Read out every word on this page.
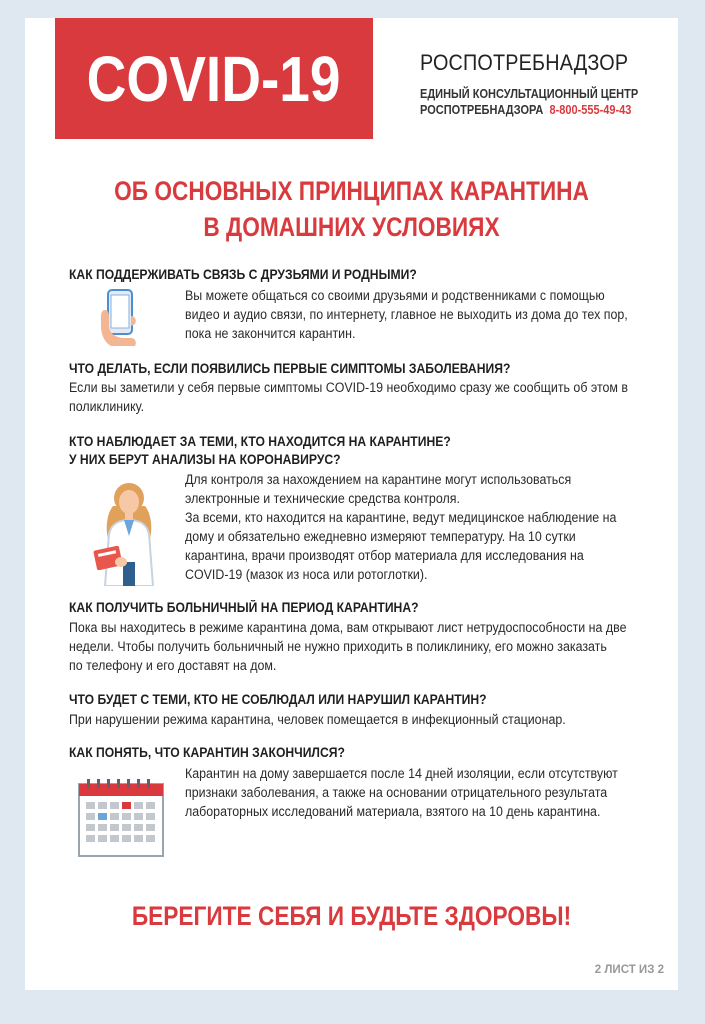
COVID-19	РОСПОТРЕБНАДЗОР
ЕДИНЫЙ КОНСУЛЬТАЦИОННЫЙ ЦЕНТР
РОСПОТРЕБНАДЗОРА 8-800-555-49-43
ОБ ОСНОВНЫХ ПРИНЦИПАХ КАРАНТИНА
В ДОМАШНИХ УСЛОВИЯХ
КАК ПОДДЕРЖИВАТЬ СВЯЗЬ С ДРУЗЬЯМИ И РОДНЫМИ?
Вы можете общаться со своими друзьями и родственниками с помощью
видео и аудио связи, по интернету, главное не выходить из дома до тех пор,
пока не закончится карантин.
ЧТО ДЕЛАТЬ, ЕСЛИ ПОЯВИЛИСЬ ПЕРВЫЕ СИМПТОМЫ ЗАБОЛЕВАНИЯ?
Если вы заметили у себя первые симптомы COVID-19 необходимо сразу же сообщить об этом в
поликлинику.
КТО НАБЛЮДАЕТ ЗА ТЕМИ, КТО НАХОДИТСЯ НА КАРАНТИНЕ?
У НИХ БЕРУТ АНАЛИЗЫ НА КОРОНАВИРУС?
Для контроля за нахождением на карантине могут использоваться
электронные и технические средства контроля.
За всеми, кто находится на карантине, ведут медицинское наблюдение на
дому и обязательно ежедневно измеряют температуру. На 10 сутки
карантина, врачи производят отбор материала для исследования на
COVID-19 (мазок из носа или ротоглотки).
КАК ПОЛУЧИТЬ БОЛЬНИЧНЫЙ НА ПЕРИОД КАРАНТИНА?
Пока вы находитесь в режиме карантина дома, вам открывают лист нетрудоспособности на две
недели. Чтобы получить больничный не нужно приходить в поликлинику, его можно заказать
по телефону и его доставят на дом.
ЧТО БУДЕТ С ТЕМИ, КТО НЕ СОБЛЮДАЛ ИЛИ НАРУШИЛ КАРАНТИН?
При нарушении режима карантина, человек помещается в инфекционный стационар.
КАК ПОНЯТЬ, ЧТО КАРАНТИН ЗАКОНЧИЛСЯ?
Карантин на дому завершается после 14 дней изоляции, если отсутствуют
признаки заболевания, а также на основании отрицательного результата
лабораторных исследований материала, взятого на 10 день карантина.
БЕРЕГИТЕ СЕБЯ И БУДЬТЕ ЗДОРОВЫ!
2 ЛИСТ ИЗ 2
